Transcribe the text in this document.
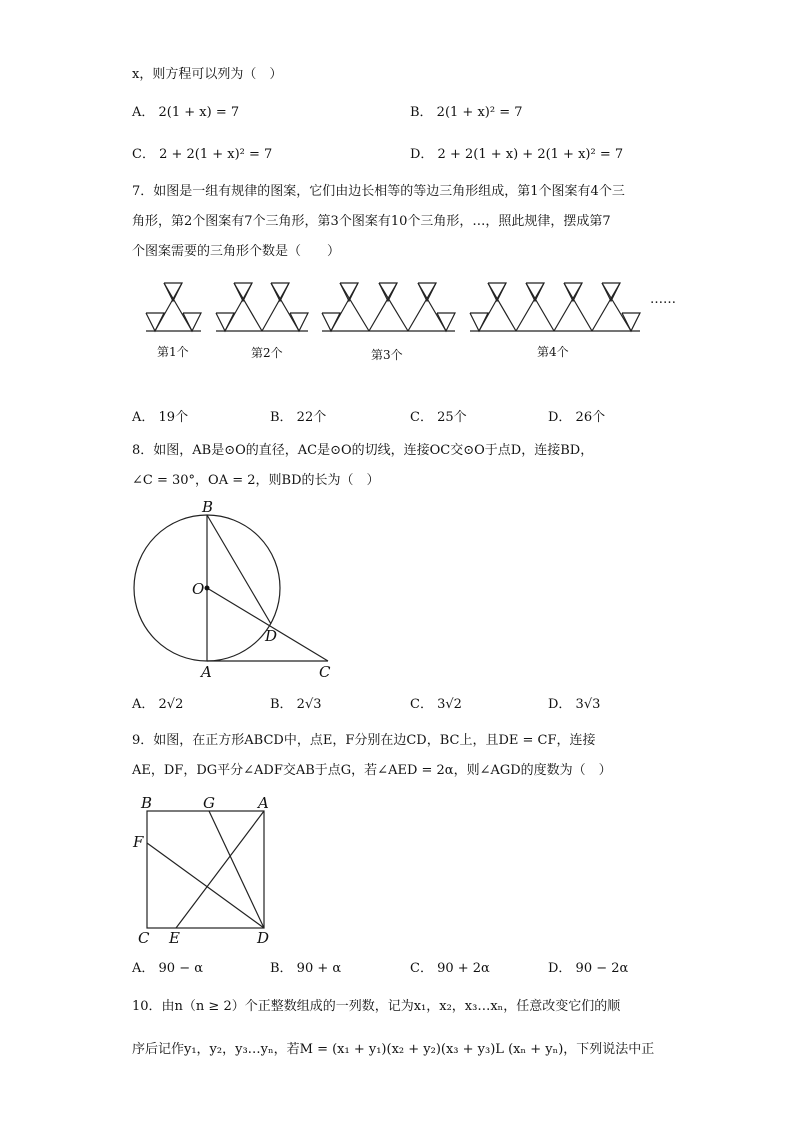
x，则方程可以列为（　）
A． 2(1 + x) = 7	B． 2(1 + x)² = 7
C． 2 + 2(1 + x)² = 7	D． 2 + 2(1 + x) + 2(1 + x)² = 7
7．如图是一组有规律的图案，它们由边长相等的等边三角形组成，第1个图案有4个三
角形，第2个图案有7个三角形，第3个图案有10个三角形，…，照此规律，摆成第7
个图案需要的三角形个数是（　　）
……
第1个	第2个	第3个	第4个
A． 19个	B． 22个	C． 25个	D． 26个
8．如图，AB是⊙O的直径，AC是⊙O的切线，连接OC交⊙O于点D，连接BD，
∠C = 30°，OA = 2，则BD的长为（　）
B
O
D
A	C
A． 2√2	B． 2√3	C． 3√2	D． 3√3
9．如图，在正方形ABCD中，点E，F分别在边CD，BC上，且DE = CF，连接
AE，DF，DG平分∠ADF交AB于点G，若∠AED = 2α，则∠AGD的度数为（　）
B	G	A
F
C E	D
A． 90 − α	B． 90 + α	C． 90 + 2α	D． 90 − 2α
10．由n（n ≥ 2）个正整数组成的一列数，记为x₁，x₂，x₃…xₙ，任意改变它们的顺
序后记作y₁，y₂，y₃…yₙ，若M = (x₁ + y₁)(x₂ + y₂)(x₃ + y₃)L (xₙ + yₙ)，下列说法中正
